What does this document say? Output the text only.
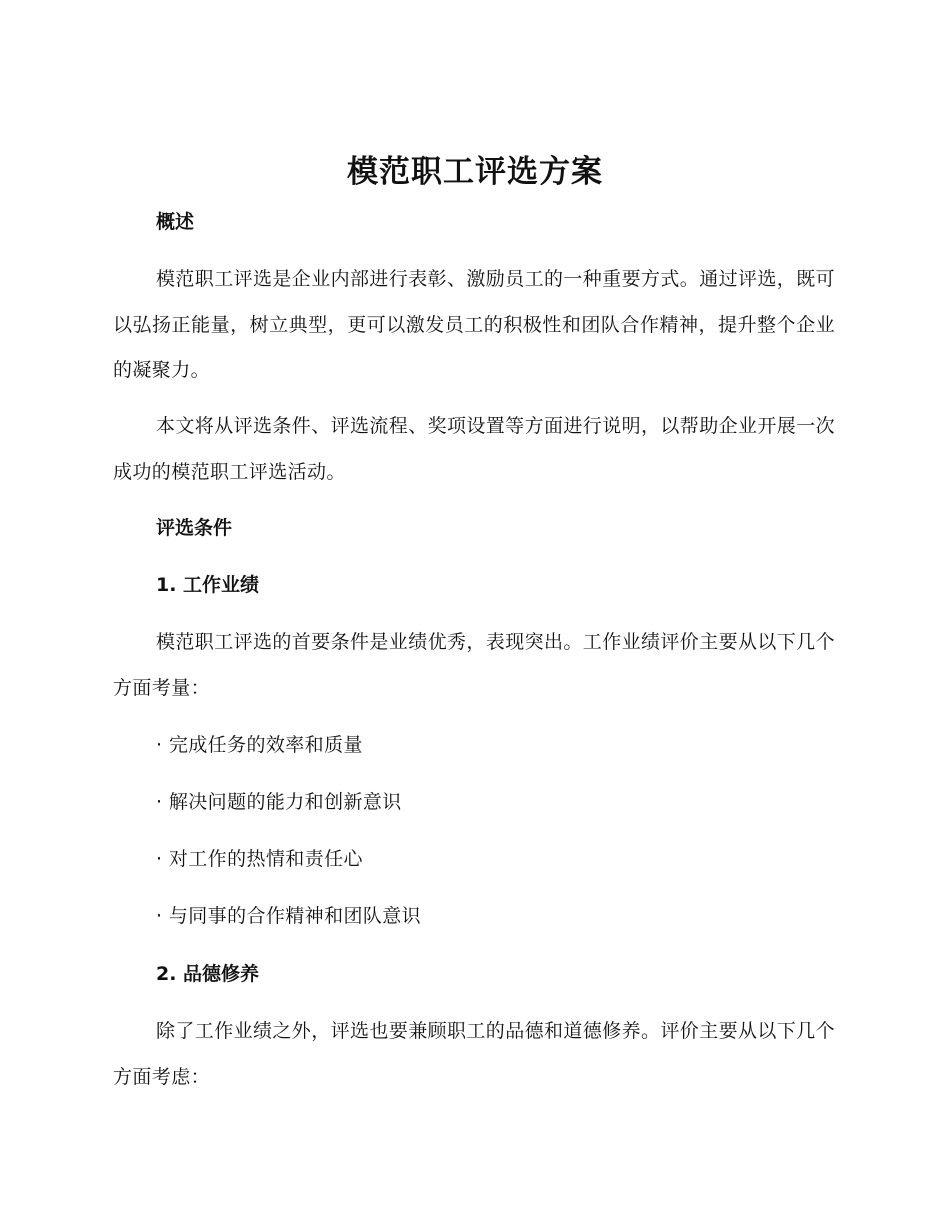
模范职工评选方案
概述
模范职工评选是企业内部进行表彰、激励员工的一种重要方式。通过评选，既可以弘扬正能量，树立典型，更可以激发员工的积极性和团队合作精神，提升整个企业的凝聚力。
本文将从评选条件、评选流程、奖项设置等方面进行说明，以帮助企业开展一次成功的模范职工评选活动。
评选条件
1. 工作业绩
模范职工评选的首要条件是业绩优秀，表现突出。工作业绩评价主要从以下几个方面考量：
· 完成任务的效率和质量
· 解决问题的能力和创新意识
· 对工作的热情和责任心
· 与同事的合作精神和团队意识
2. 品德修养
除了工作业绩之外，评选也要兼顾职工的品德和道德修养。评价主要从以下几个方面考虑：
